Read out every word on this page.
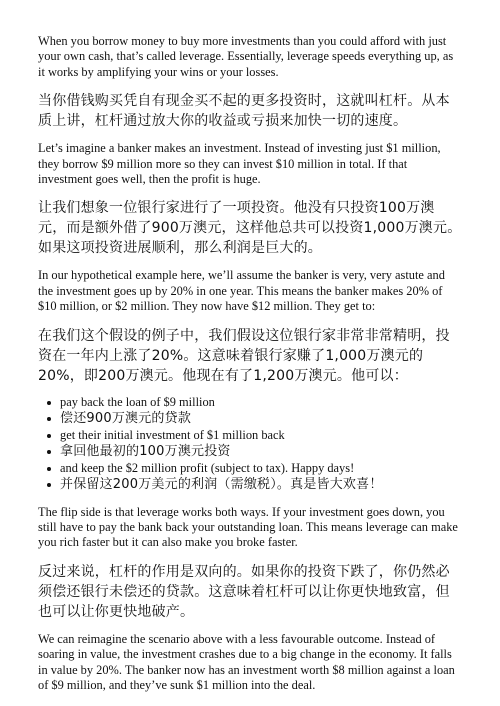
When you borrow money to buy more investments than you could afford with just your own cash, that’s called leverage. Essentially, leverage speeds everything up, as it works by amplifying your wins or your losses.

当你借钱购买凭自有现金买不起的更多投资时，这就叫杠杆。从本质上讲，杠杆通过放大你的收益或亏损来加快一切的速度。

Let’s imagine a banker makes an investment. Instead of investing just $1 million, they borrow $9 million more so they can invest $10 million in total. If that investment goes well, then the profit is huge.

让我们想象一位银行家进行了一项投资。他没有只投资100万澳元，而是额外借了900万澳元，这样他总共可以投资1,000万澳元。如果这项投资进展顺利，那么利润是巨大的。

In our hypothetical example here, we’ll assume the banker is very, very astute and the investment goes up by 20% in one year. This means the banker makes 20% of $10 million, or $2 million. They now have $12 million. They get to:

在我们这个假设的例子中，我们假设这位银行家非常非常精明，投资在一年内上涨了20%。这意味着银行家赚了1,000万澳元的20%，即200万澳元。他现在有了1,200万澳元。他可以：

pay back the loan of $9 million
偿还900万澳元的贷款
get their initial investment of $1 million back
拿回他最初的100万澳元投资
and keep the $2 million profit (subject to tax). Happy days!
并保留这200万美元的利润（需缴税）。真是皆大欢喜！

The flip side is that leverage works both ways. If your investment goes down, you still have to pay the bank back your outstanding loan. This means leverage can make you rich faster but it can also make you broke faster.

反过来说，杠杆的作用是双向的。如果你的投资下跌了，你仍然必须偿还银行未偿还的贷款。这意味着杠杆可以让你更快地致富，但也可以让你更快地破产。

We can reimagine the scenario above with a less favourable outcome. Instead of soaring in value, the investment crashes due to a big change in the economy. It falls in value by 20%. The banker now has an investment worth $8 million against a loan of $9 million, and they’ve sunk $1 million into the deal.
